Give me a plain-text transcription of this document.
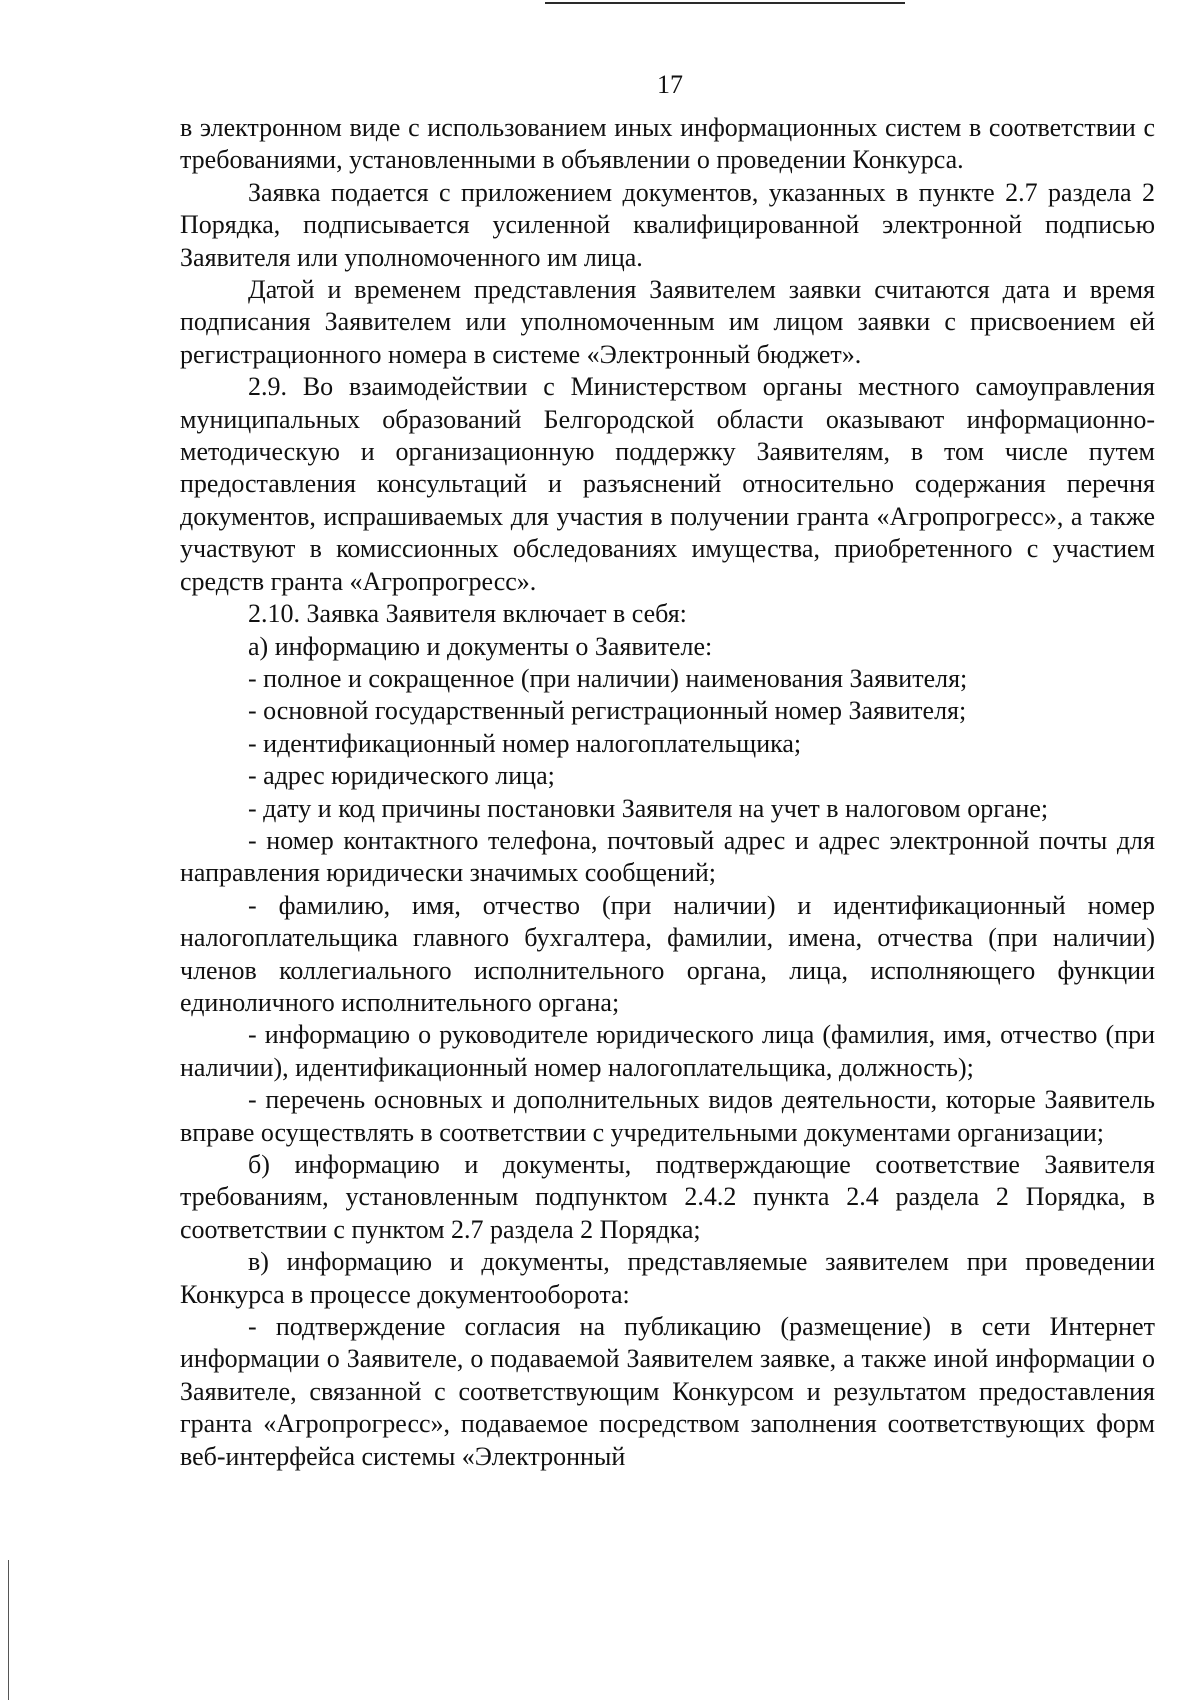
17

в электронном виде с использованием иных информационных систем в соответствии с требованиями, установленными в объявлении о проведении Конкурса.

Заявка подается с приложением документов, указанных в пункте 2.7 раздела 2 Порядка, подписывается усиленной квалифицированной электронной подписью Заявителя или уполномоченного им лица.

Датой и временем представления Заявителем заявки считаются дата и время подписания Заявителем или уполномоченным им лицом заявки с присвоением ей регистрационного номера в системе «Электронный бюджет».

2.9. Во взаимодействии с Министерством органы местного самоуправления муниципальных образований Белгородской области оказывают информационно-методическую и организационную поддержку Заявителям, в том числе путем предоставления консультаций и разъяснений относительно содержания перечня документов, испрашиваемых для участия в получении гранта «Агропрогресс», а также участвуют в комиссионных обследованиях имущества, приобретенного с участием средств гранта «Агропрогресс».

2.10. Заявка Заявителя включает в себя:

а) информацию и документы о Заявителе:

- полное и сокращенное (при наличии) наименования Заявителя;

- основной государственный регистрационный номер Заявителя;

- идентификационный номер налогоплательщика;

- адрес юридического лица;

- дату и код причины постановки Заявителя на учет в налоговом органе;

- номер контактного телефона, почтовый адрес и адрес электронной почты для направления юридически значимых сообщений;

- фамилию, имя, отчество (при наличии) и идентификационный номер налогоплательщика главного бухгалтера, фамилии, имена, отчества (при наличии) членов коллегиального исполнительного органа, лица, исполняющего функции единоличного исполнительного органа;

- информацию о руководителе юридического лица (фамилия, имя, отчество (при наличии), идентификационный номер налогоплательщика, должность);

- перечень основных и дополнительных видов деятельности, которые Заявитель вправе осуществлять в соответствии с учредительными документами организации;

б) информацию и документы, подтверждающие соответствие Заявителя требованиям, установленным подпунктом 2.4.2 пункта 2.4 раздела 2 Порядка, в соответствии с пунктом 2.7 раздела 2 Порядка;

в) информацию и документы, представляемые заявителем при проведении Конкурса в процессе документооборота:

- подтверждение согласия на публикацию (размещение) в сети Интернет информации о Заявителе, о подаваемой Заявителем заявке, а также иной информации о Заявителе, связанной с соответствующим Конкурсом и результатом предоставления гранта «Агропрогресс», подаваемое посредством заполнения соответствующих форм веб-интерфейса системы «Электронный
